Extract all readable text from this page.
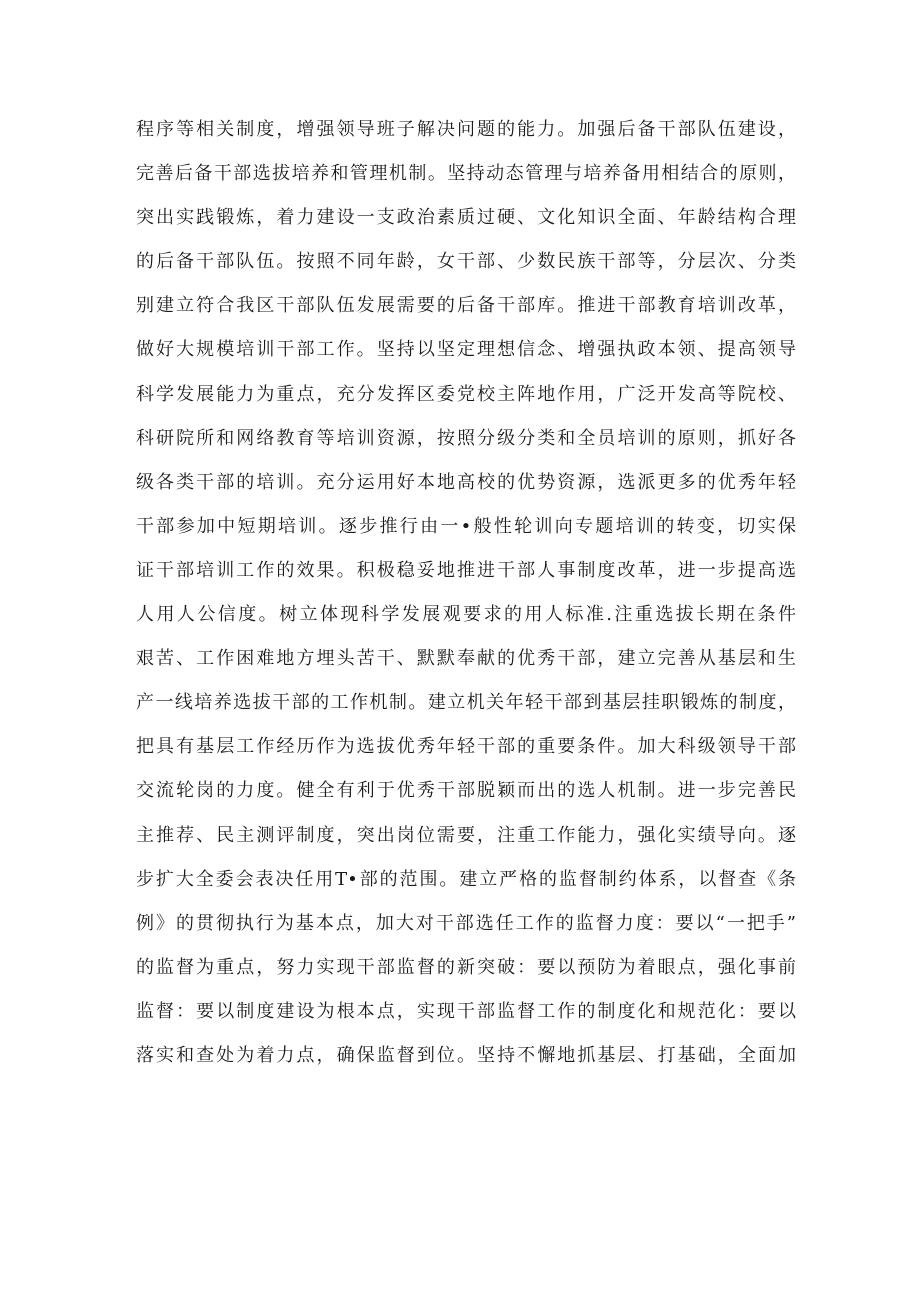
程序等相关制度，增强领导班子解决问题的能力。加强后备干部队伍建设，
完善后备干部选拔培养和管理机制。坚持动态管理与培养备用相结合的原则，
突出实践锻炼，着力建设一支政治素质过硬、文化知识全面、年龄结构合理
的后备干部队伍。按照不同年龄，女干部、少数民族干部等，分层次、分类
别建立符合我区干部队伍发展需要的后备干部库。推进干部教育培训改革，
做好大规模培训干部工作。坚持以坚定理想信念、增强执政本领、提高领导
科学发展能力为重点，充分发挥区委党校主阵地作用，广泛开发高等院校、
科研院所和网络教育等培训资源，按照分级分类和全员培训的原则，抓好各
级各类干部的培训。充分运用好本地高校的优势资源，选派更多的优秀年轻
干部参加中短期培训。逐步推行由一•般性轮训向专题培训的转变，切实保
证干部培训工作的效果。积极稳妥地推进干部人事制度改革，进一步提高选
人用人公信度。树立体现科学发展观要求的用人标准.注重选拔长期在条件
艰苦、工作困难地方埋头苦干、默默奉献的优秀干部，建立完善从基层和生
产一线培养选拔干部的工作机制。建立机关年轻干部到基层挂职锻炼的制度，
把具有基层工作经历作为选拔优秀年轻干部的重要条件。加大科级领导干部
交流轮岗的力度。健全有利于优秀干部脱颖而出的选人机制。进一步完善民
主推荐、民主测评制度，突出岗位需要，注重工作能力，强化实绩导向。逐
步扩大全委会表决任用T•部的范围。建立严格的监督制约体系，以督查《条
例》的贯彻执行为基本点，加大对干部选任工作的监督力度：要以“一把手”
的监督为重点，努力实现干部监督的新突破：要以预防为着眼点，强化事前
监督：要以制度建设为根本点，实现干部监督工作的制度化和规范化：要以
落实和查处为着力点，确保监督到位。坚持不懈地抓基层、打基础，全面加
